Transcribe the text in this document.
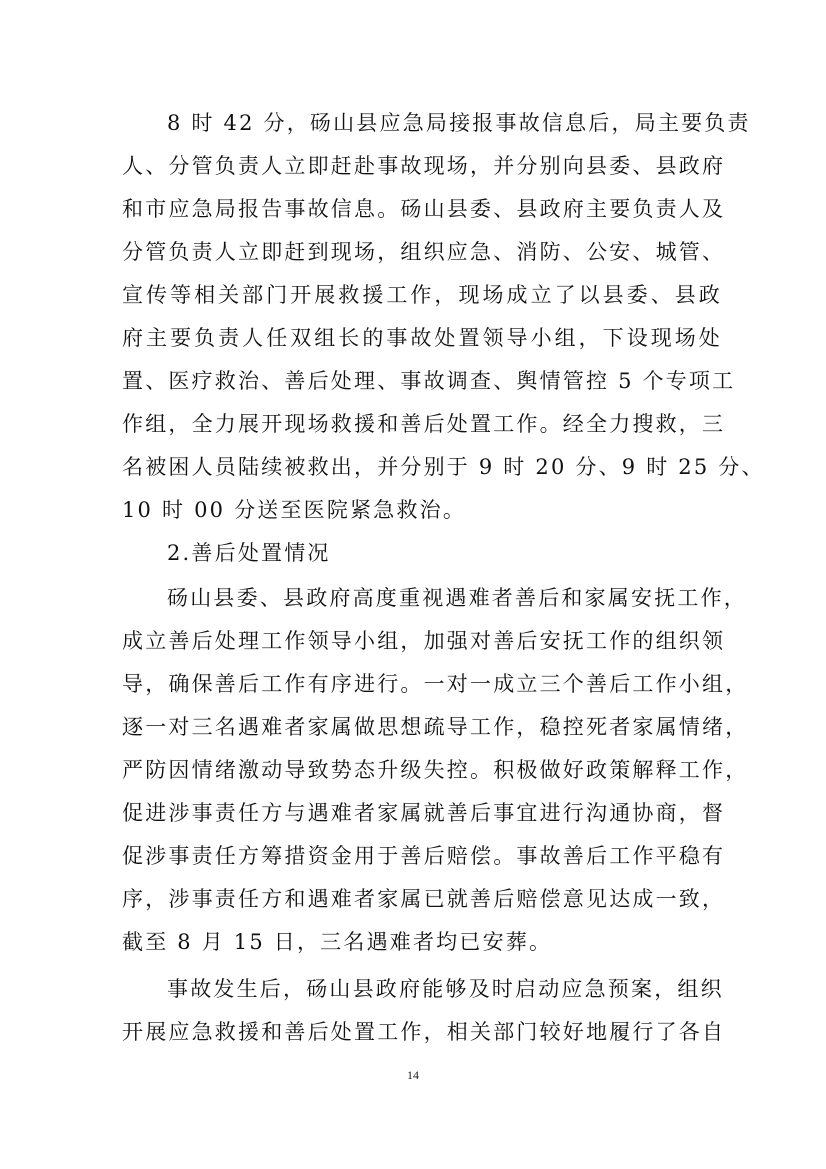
8 时 42 分，砀山县应急局接报事故信息后，局主要负责
人、分管负责人立即赶赴事故现场，并分别向县委、县政府
和市应急局报告事故信息。砀山县委、县政府主要负责人及
分管负责人立即赶到现场，组织应急、消防、公安、城管、
宣传等相关部门开展救援工作，现场成立了以县委、县政
府主要负责人任双组长的事故处置领导小组，下设现场处
置、医疗救治、善后处理、事故调查、舆情管控 5 个专项工
作组，全力展开现场救援和善后处置工作。经全力搜救，三
名被困人员陆续被救出，并分别于 9 时 20 分、9 时 25 分、
10 时 00 分送至医院紧急救治。
2.善后处置情况
砀山县委、县政府高度重视遇难者善后和家属安抚工作，
成立善后处理工作领导小组，加强对善后安抚工作的组织领
导，确保善后工作有序进行。一对一成立三个善后工作小组，
逐一对三名遇难者家属做思想疏导工作，稳控死者家属情绪，
严防因情绪激动导致势态升级失控。积极做好政策解释工作，
促进涉事责任方与遇难者家属就善后事宜进行沟通协商，督
促涉事责任方筹措资金用于善后赔偿。事故善后工作平稳有
序，涉事责任方和遇难者家属已就善后赔偿意见达成一致，
截至 8 月 15 日，三名遇难者均已安葬。
事故发生后，砀山县政府能够及时启动应急预案，组织
开展应急救援和善后处置工作，相关部门较好地履行了各自
14
